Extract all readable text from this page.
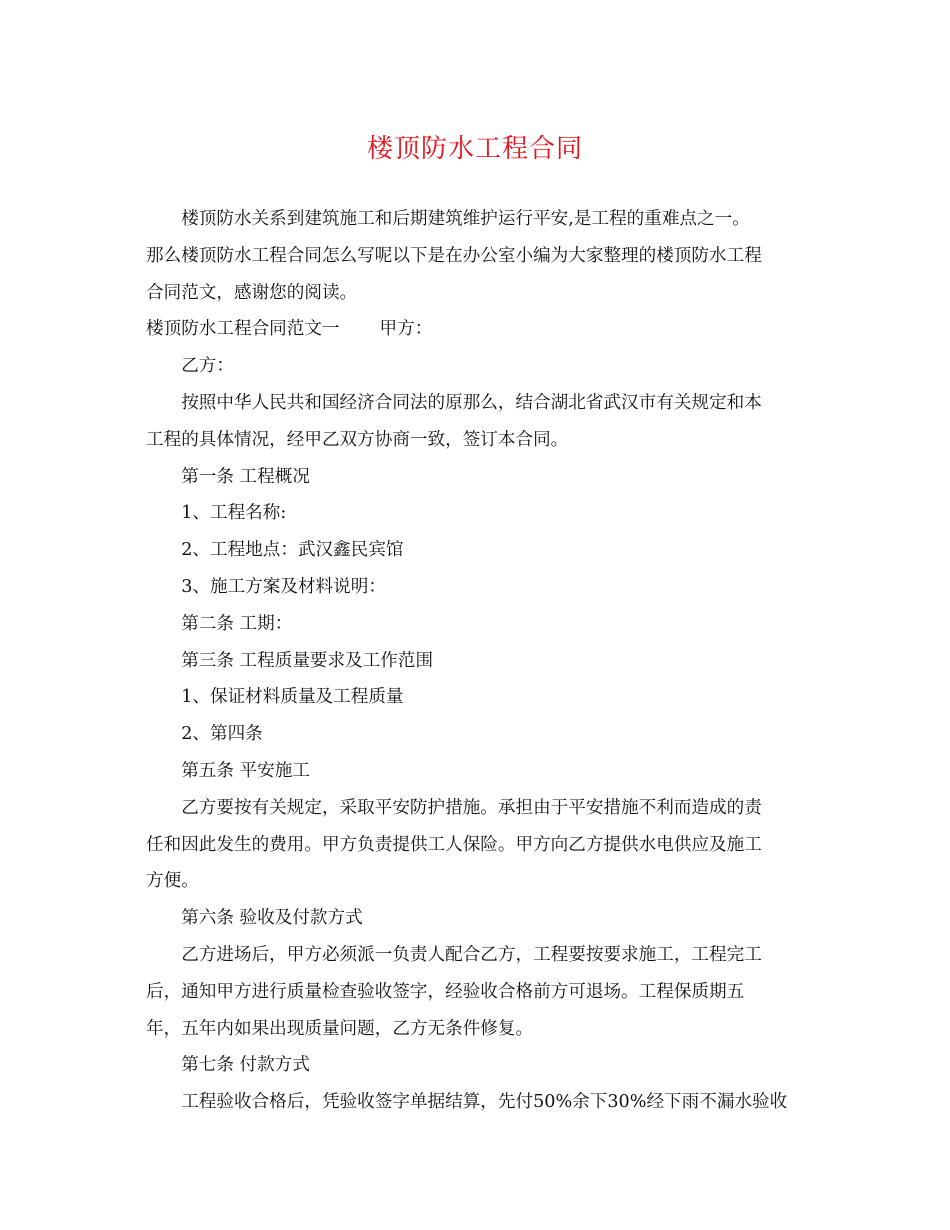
楼顶防水工程合同
楼顶防水关系到建筑施工和后期建筑维护运行平安,是工程的重难点之一。
那么楼顶防水工程合同怎么写呢以下是在办公室小编为大家整理的楼顶防水工程
合同范文，感谢您的阅读。
楼顶防水工程合同范文一 甲方：
乙方：
按照中华人民共和国经济合同法的原那么，结合湖北省武汉市有关规定和本
工程的具体情况，经甲乙双方协商一致，签订本合同。
第一条 工程概况
1、工程名称:
2、工程地点：武汉鑫民宾馆
3、施工方案及材料说明：
第二条 工期：
第三条 工程质量要求及工作范围
1、保证材料质量及工程质量
2、第四条
第五条 平安施工
乙方要按有关规定，采取平安防护措施。承担由于平安措施不利而造成的责
任和因此发生的费用。甲方负责提供工人保险。甲方向乙方提供水电供应及施工
方便。
第六条 验收及付款方式
乙方进场后，甲方必须派一负责人配合乙方，工程要按要求施工，工程完工
后，通知甲方进行质量检查验收签字，经验收合格前方可退场。工程保质期五
年，五年内如果出现质量问题，乙方无条件修复。
第七条 付款方式
工程验收合格后，凭验收签字单据结算，先付50%余下30%经下雨不漏水验收
